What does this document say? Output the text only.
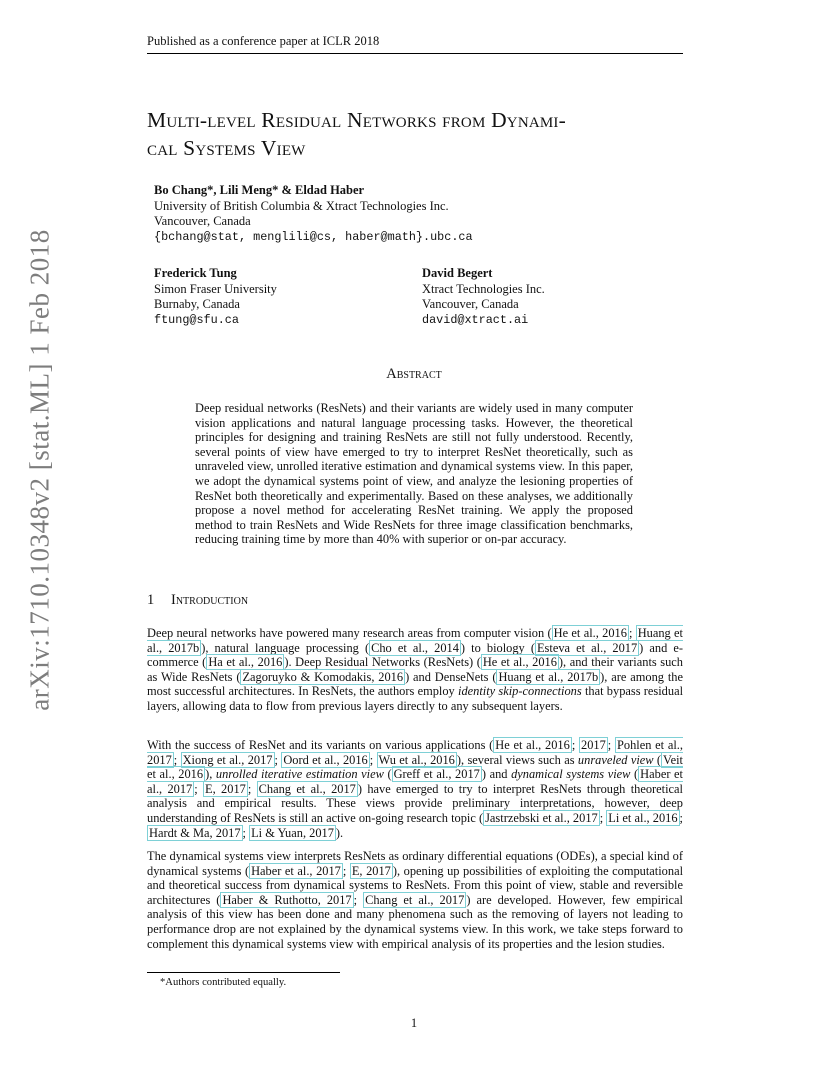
Published as a conference paper at ICLR 2018
Multi-level Residual Networks from Dynami-
cal Systems View
Bo Chang*, Lili Meng* & Eldad Haber
University of British Columbia & Xtract Technologies Inc.
Vancouver, Canada
{bchang@stat, menglili@cs, haber@math}.ubc.ca
Frederick Tung
Simon Fraser University
Burnaby, Canada
ftung@sfu.ca
David Begert
Xtract Technologies Inc.
Vancouver, Canada
david@xtract.ai
Abstract
Deep residual networks (ResNets) and their variants are widely used in many computer vision applications and natural language processing tasks. However, the theoretical principles for designing and training ResNets are still not fully understood. Recently, several points of view have emerged to try to interpret ResNet theoretically, such as unraveled view, unrolled iterative estimation and dynamical systems view. In this paper, we adopt the dynamical systems point of view, and analyze the lesioning properties of ResNet both theoretically and experimentally. Based on these analyses, we additionally propose a novel method for accelerating ResNet training. We apply the proposed method to train ResNets and Wide ResNets for three image classification benchmarks, reducing training time by more than 40% with superior or on-par accuracy.
1 Introduction
Deep neural networks have powered many research areas from computer vision ( He et al., 2016 ; Huang et al., 2017b ), natural language processing ( Cho et al., 2014 ) to biology ( Esteva et al., 2017 ) and e-commerce ( Ha et al., 2016 ). Deep Residual Networks (ResNets) ( He et al., 2016 ), and their variants such as Wide ResNets ( Zagoruyko & Komodakis, 2016 ) and DenseNets ( Huang et al., 2017b ), are among the most successful architectures. In ResNets, the authors employ identity skip-connections that bypass residual layers, allowing data to flow from previous layers directly to any subsequent layers.
With the success of ResNet and its variants on various applications ( He et al., 2016 ; 2017 ; Pohlen et al., 2017 ; Xiong et al., 2017 ; Oord et al., 2016 ; Wu et al., 2016 ), several views such as unraveled view ( Veit et al., 2016 ), unrolled iterative estimation view ( Greff et al., 2017 ) and dynamical systems view ( Haber et al., 2017 ; E, 2017 ; Chang et al., 2017 ) have emerged to try to interpret ResNets through theoretical analysis and empirical results. These views provide preliminary interpretations, however, deep understanding of ResNets is still an active on-going research topic ( Jastrzebski et al., 2017 ; Li et al., 2016 ; Hardt & Ma, 2017 ; Li & Yuan, 2017 ).
The dynamical systems view interprets ResNets as ordinary differential equations (ODEs), a special kind of dynamical systems ( Haber et al., 2017 ; E, 2017 ), opening up possibilities of exploiting the computational and theoretical success from dynamical systems to ResNets. From this point of view, stable and reversible architectures ( Haber & Ruthotto, 2017 ; Chang et al., 2017 ) are developed. However, few empirical analysis of this view has been done and many phenomena such as the removing of layers not leading to performance drop are not explained by the dynamical systems view. In this work, we take steps forward to complement this dynamical systems view with empirical analysis of its properties and the lesion studies.
*Authors contributed equally.
1
arXiv:1710.10348v2 [stat.ML] 1 Feb 2018
